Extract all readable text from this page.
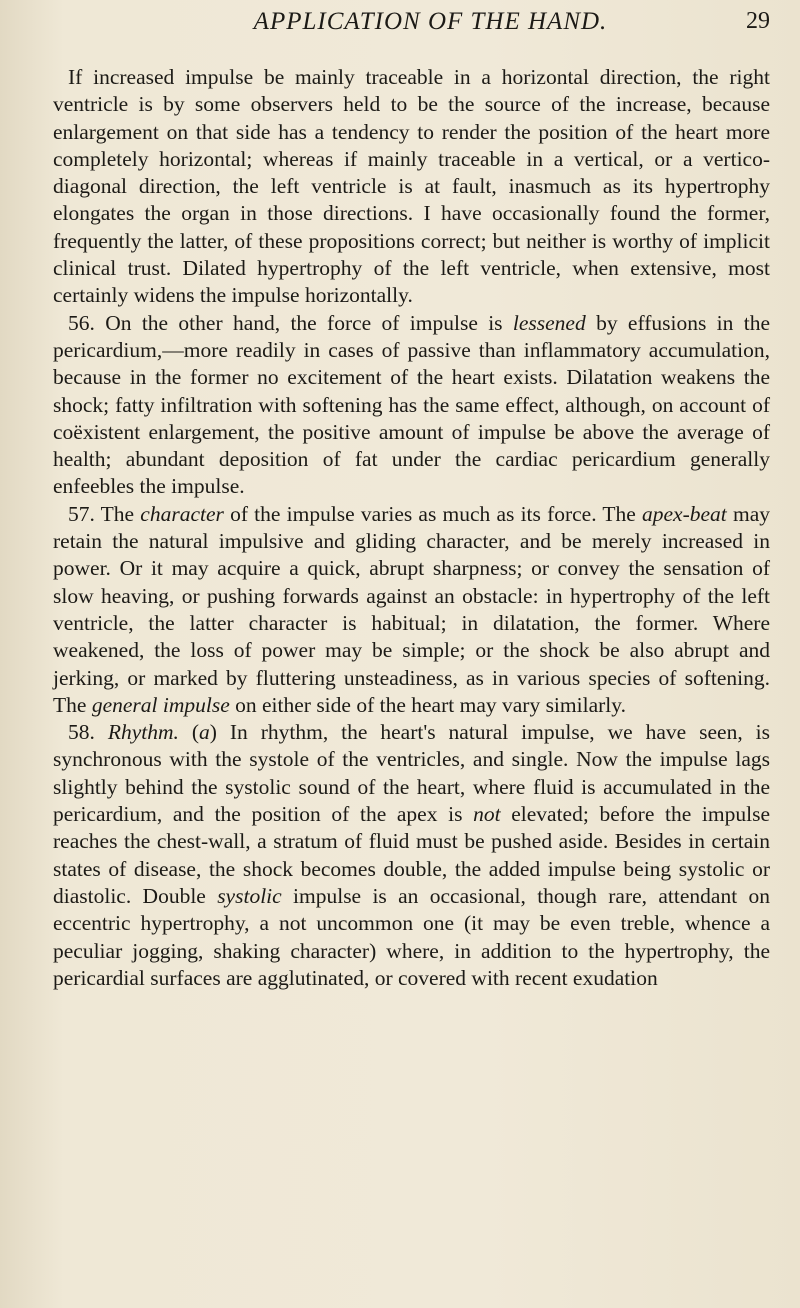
APPLICATION OF THE HAND.	29

If increased impulse be mainly traceable in a horizontal direction, the right ventricle is by some observers held to be the source of the increase, because enlargement on that side has a tendency to render the position of the heart more completely horizontal; whereas if mainly traceable in a vertical, or a vertico-diagonal direction, the left ventricle is at fault, inasmuch as its hypertrophy elongates the organ in those directions. I have occasionally found the former, frequently the latter, of these propositions correct; but neither is worthy of implicit clinical trust. Dilated hypertrophy of the left ventricle, when extensive, most certainly widens the impulse horizontally.

56. On the other hand, the force of impulse is lessened by effusions in the pericardium,—more readily in cases of passive than inflammatory accumulation, because in the former no excitement of the heart exists. Dilatation weakens the shock; fatty infiltration with softening has the same effect, although, on account of coëxistent enlargement, the positive amount of impulse be above the average of health; abundant deposition of fat under the cardiac pericardium generally enfeebles the impulse.

57. The character of the impulse varies as much as its force. The apex-beat may retain the natural impulsive and gliding character, and be merely increased in power. Or it may acquire a quick, abrupt sharpness; or convey the sensation of slow heaving, or pushing forwards against an obstacle: in hypertrophy of the left ventricle, the latter character is habitual; in dilatation, the former. Where weakened, the loss of power may be simple; or the shock be also abrupt and jerking, or marked by fluttering unsteadiness, as in various species of softening. The general impulse on either side of the heart may vary similarly.

58. Rhythm. (a) In rhythm, the heart's natural impulse, we have seen, is synchronous with the systole of the ventricles, and single. Now the impulse lags slightly behind the systolic sound of the heart, where fluid is accumulated in the pericardium, and the position of the apex is not elevated; before the impulse reaches the chest-wall, a stratum of fluid must be pushed aside. Besides in certain states of disease, the shock becomes double, the added impulse being systolic or diastolic. Double systolic impulse is an occasional, though rare, attendant on eccentric hypertrophy, a not uncommon one (it may be even treble, whence a peculiar jogging, shaking character) where, in addition to the hypertrophy, the pericardial surfaces are agglutinated, or covered with recent exudation
